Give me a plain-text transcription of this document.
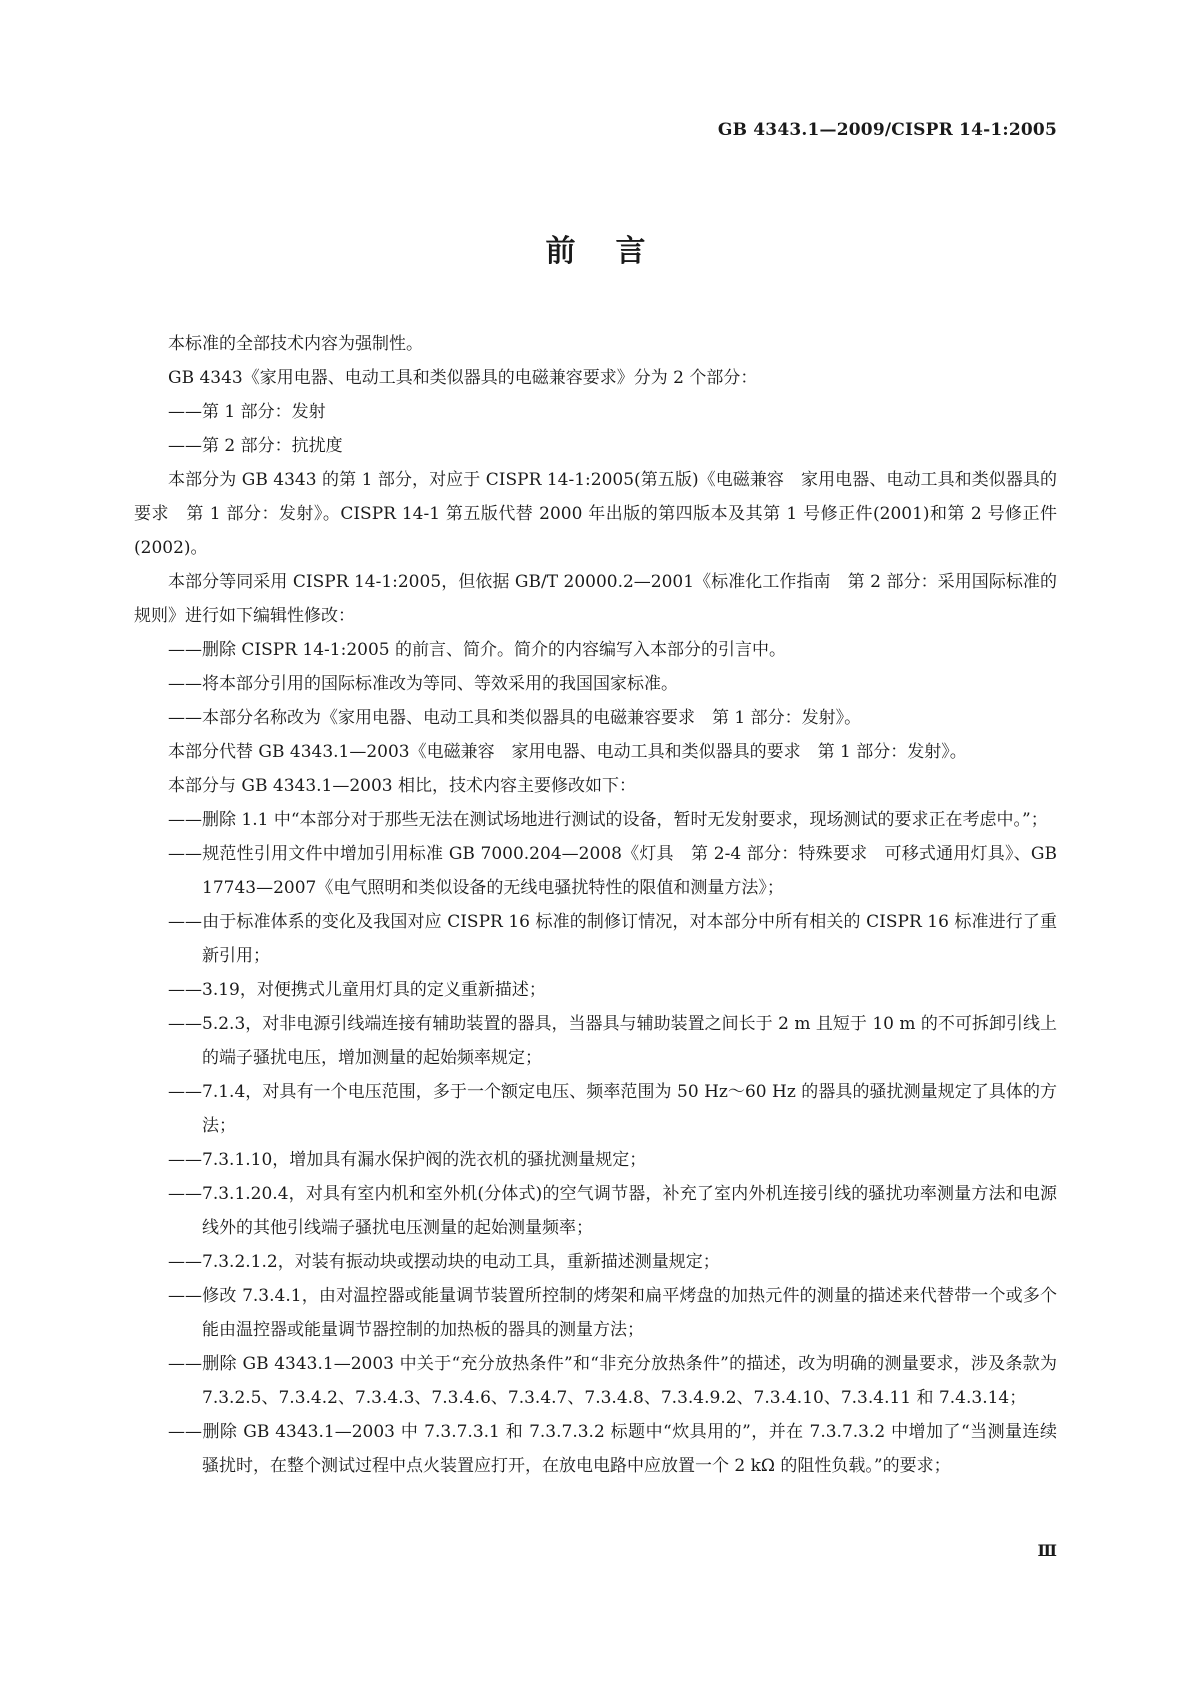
GB 4343.1—2009/CISPR 14-1:2005
前言
本标准的全部技术内容为强制性。
GB 4343《家用电器、电动工具和类似器具的电磁兼容要求》分为 2 个部分：
——第 1 部分：发射
——第 2 部分：抗扰度
本部分为 GB 4343 的第 1 部分，对应于 CISPR 14-1:2005(第五版)《电磁兼容　家用电器、电动工具和类似器具的要求　第 1 部分：发射》。CISPR 14-1 第五版代替 2000 年出版的第四版本及其第 1 号修正件(2001)和第 2 号修正件(2002)。
本部分等同采用 CISPR 14-1:2005，但依据 GB/T 20000.2—2001《标准化工作指南　第 2 部分：采用国际标准的规则》进行如下编辑性修改：
——删除 CISPR 14-1:2005 的前言、简介。简介的内容编写入本部分的引言中。
——将本部分引用的国际标准改为等同、等效采用的我国国家标准。
——本部分名称改为《家用电器、电动工具和类似器具的电磁兼容要求　第 1 部分：发射》。
本部分代替 GB 4343.1—2003《电磁兼容　家用电器、电动工具和类似器具的要求　第 1 部分：发射》。
本部分与 GB 4343.1—2003 相比，技术内容主要修改如下：
——删除 1.1 中“本部分对于那些无法在测试场地进行测试的设备，暂时无发射要求，现场测试的要求正在考虑中。”；
——规范性引用文件中增加引用标准 GB 7000.204—2008《灯具　第 2-4 部分：特殊要求　可移式通用灯具》、GB 17743—2007《电气照明和类似设备的无线电骚扰特性的限值和测量方法》；
——由于标准体系的变化及我国对应 CISPR 16 标准的制修订情况，对本部分中所有相关的 CISPR 16 标准进行了重新引用；
——3.19，对便携式儿童用灯具的定义重新描述；
——5.2.3，对非电源引线端连接有辅助装置的器具，当器具与辅助装置之间长于 2 m 且短于 10 m 的不可拆卸引线上的端子骚扰电压，增加测量的起始频率规定；
——7.1.4，对具有一个电压范围，多于一个额定电压、频率范围为 50 Hz～60 Hz 的器具的骚扰测量规定了具体的方法；
——7.3.1.10，增加具有漏水保护阀的洗衣机的骚扰测量规定；
——7.3.1.20.4，对具有室内机和室外机(分体式)的空气调节器，补充了室内外机连接引线的骚扰功率测量方法和电源线外的其他引线端子骚扰电压测量的起始测量频率；
——7.3.2.1.2，对装有振动块或摆动块的电动工具，重新描述测量规定；
——修改 7.3.4.1，由对温控器或能量调节装置所控制的烤架和扁平烤盘的加热元件的测量的描述来代替带一个或多个能由温控器或能量调节器控制的加热板的器具的测量方法；
——删除 GB 4343.1—2003 中关于“充分放热条件”和“非充分放热条件”的描述，改为明确的测量要求，涉及条款为 7.3.2.5、7.3.4.2、7.3.4.3、7.3.4.6、7.3.4.7、7.3.4.8、7.3.4.9.2、7.3.4.10、7.3.4.11 和 7.4.3.14；
——删除 GB 4343.1—2003 中 7.3.7.3.1 和 7.3.7.3.2 标题中“炊具用的”，并在 7.3.7.3.2 中增加了“当测量连续骚扰时，在整个测试过程中点火装置应打开，在放电电路中应放置一个 2 kΩ 的阻性负载。”的要求；
Ⅲ
